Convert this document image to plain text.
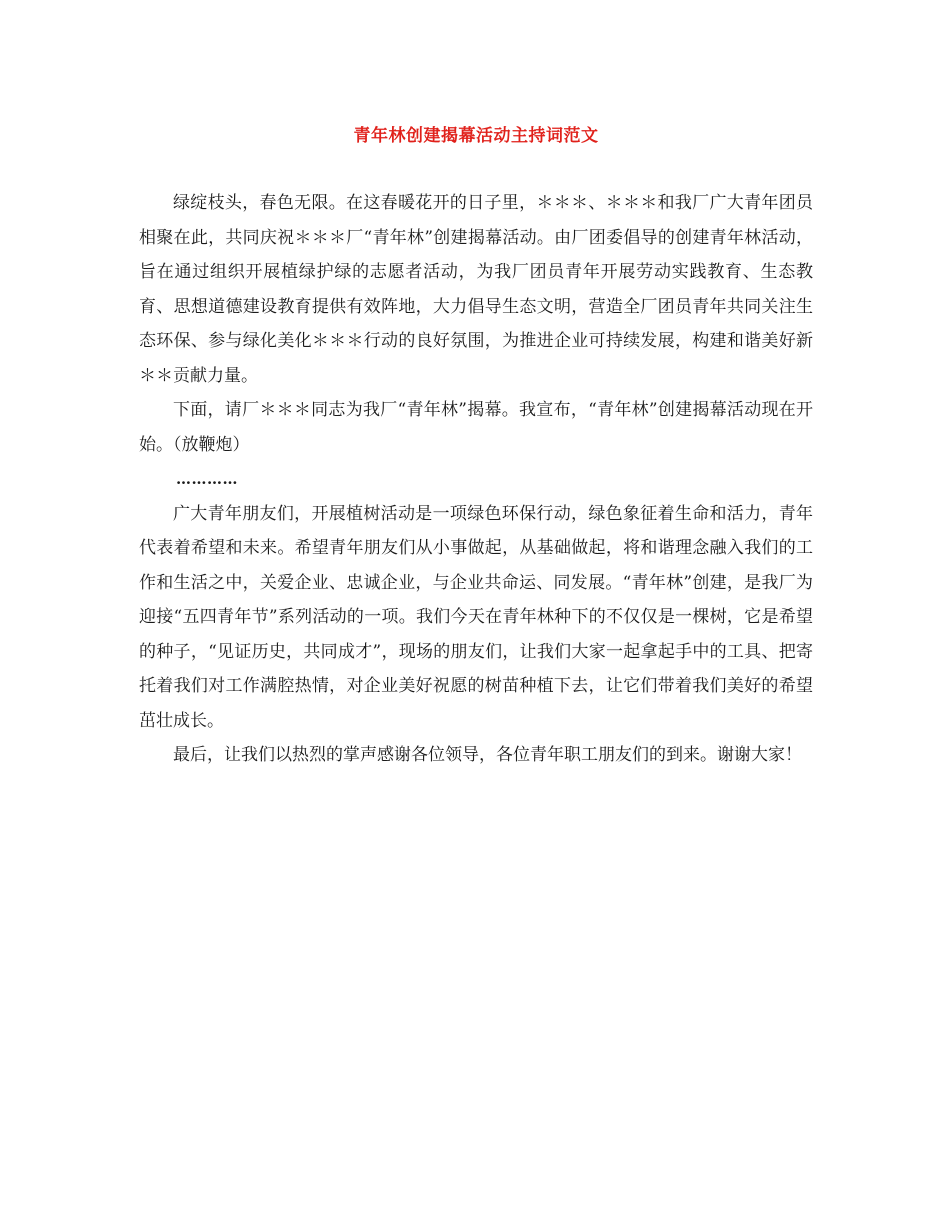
青年林创建揭幕活动主持词范文

绿绽枝头，春色无限。在这春暖花开的日子里，＊＊＊、＊＊＊和我厂广大青年团员相聚在此，共同庆祝＊＊＊厂“青年林”创建揭幕活动。由厂团委倡导的创建青年林活动，旨在通过组织开展植绿护绿的志愿者活动，为我厂团员青年开展劳动实践教育、生态教育、思想道德建设教育提供有效阵地，大力倡导生态文明，营造全厂团员青年共同关注生态环保、参与绿化美化＊＊＊行动的良好氛围，为推进企业可持续发展，构建和谐美好新＊＊贡献力量。

下面，请厂＊＊＊同志为我厂“青年林”揭幕。我宣布，“青年林”创建揭幕活动现在开始。（放鞭炮）

…………

广大青年朋友们，开展植树活动是一项绿色环保行动，绿色象征着生命和活力，青年代表着希望和未来。希望青年朋友们从小事做起，从基础做起，将和谐理念融入我们的工作和生活之中，关爱企业、忠诚企业，与企业共命运、同发展。“青年林”创建，是我厂为迎接“五四青年节”系列活动的一项。我们今天在青年林种下的不仅仅是一棵树，它是希望的种子，“见证历史，共同成才”，现场的朋友们，让我们大家一起拿起手中的工具、把寄托着我们对工作满腔热情，对企业美好祝愿的树苗种植下去，让它们带着我们美好的希望茁壮成长。

最后，让我们以热烈的掌声感谢各位领导，各位青年职工朋友们的到来。谢谢大家！
